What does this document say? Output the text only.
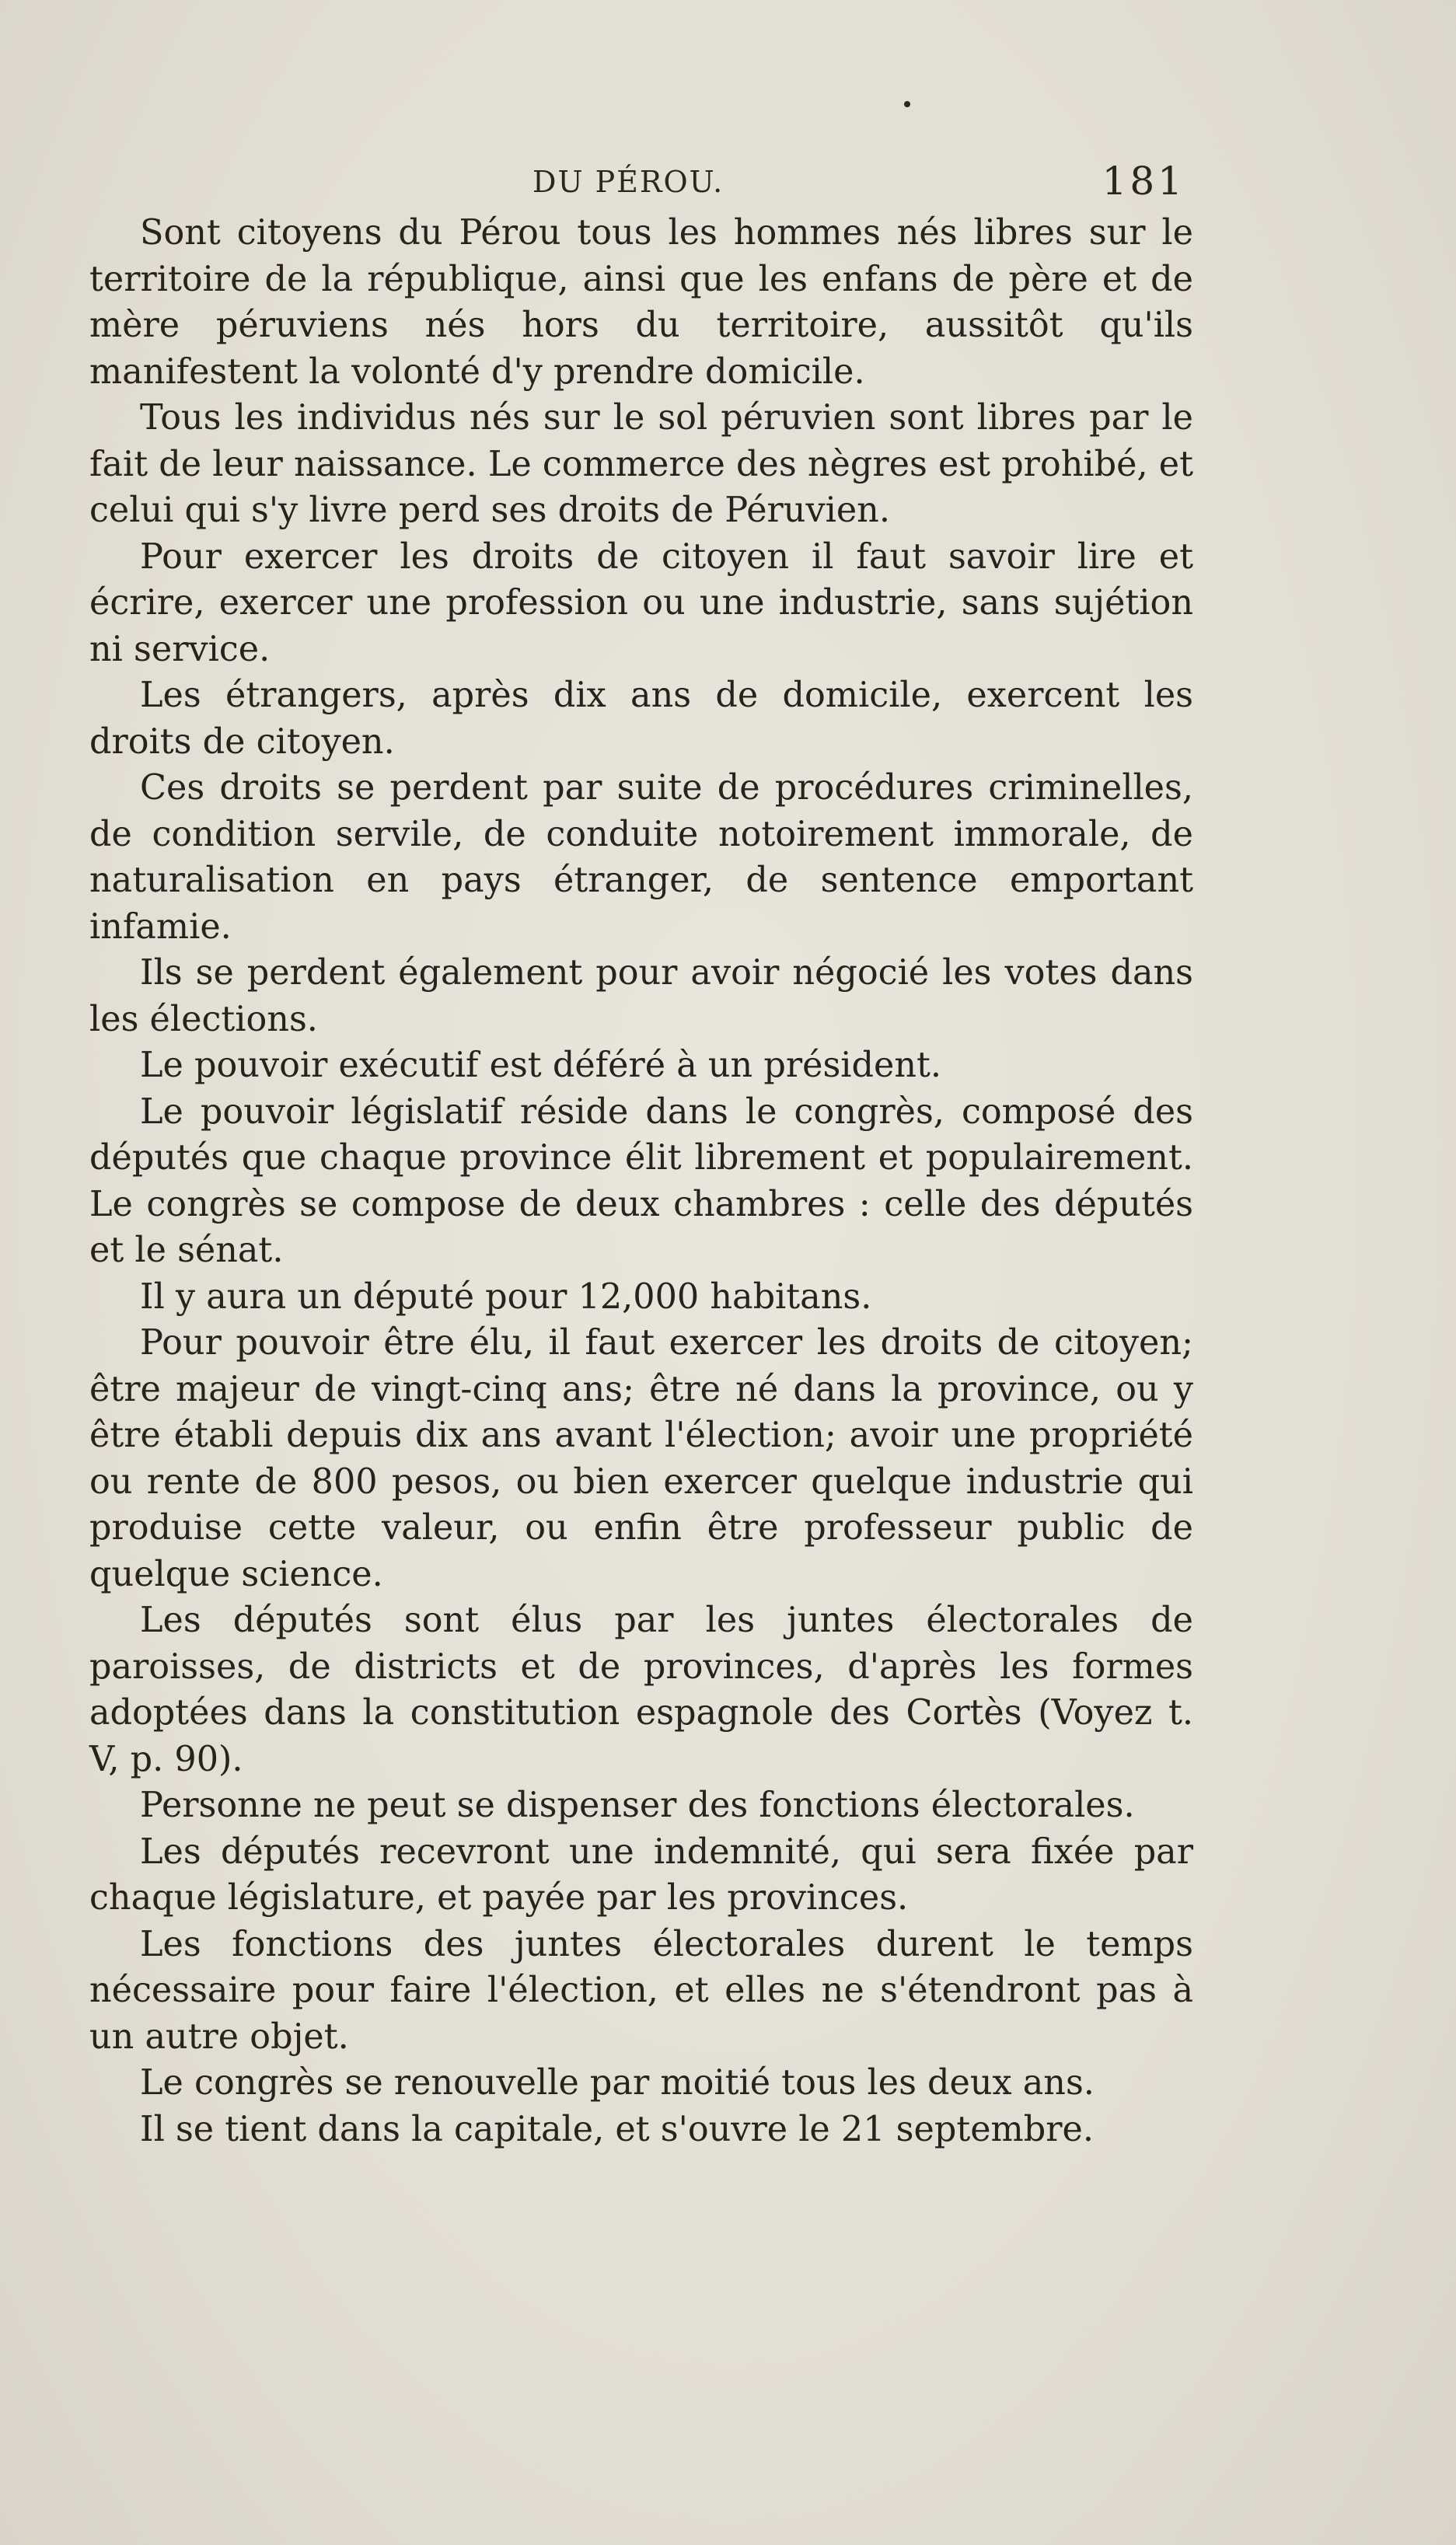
DU PÉROU.	181

Sont citoyens du Pérou tous les hommes nés libres sur le territoire de la république, ainsi que les enfans de père et de mère péruviens nés hors du territoire, aussitôt qu'ils manifestent la volonté d'y prendre domicile.

Tous les individus nés sur le sol péruvien sont libres par le fait de leur naissance. Le commerce des nègres est prohibé, et celui qui s'y livre perd ses droits de Péruvien.

Pour exercer les droits de citoyen il faut savoir lire et écrire, exercer une profession ou une industrie, sans sujétion ni service.

Les étrangers, après dix ans de domicile, exercent les droits de citoyen.

Ces droits se perdent par suite de procédures criminelles, de condition servile, de conduite notoirement immorale, de naturalisation en pays étranger, de sentence emportant infamie.

Ils se perdent également pour avoir négocié les votes dans les élections.

Le pouvoir exécutif est déféré à un président.

Le pouvoir législatif réside dans le congrès, composé des députés que chaque province élit librement et populairement. Le congrès se compose de deux chambres : celle des députés et le sénat.

Il y aura un député pour 12,000 habitans.

Pour pouvoir être élu, il faut exercer les droits de citoyen; être majeur de vingt-cinq ans; être né dans la province, ou y être établi depuis dix ans avant l'élection; avoir une propriété ou rente de 800 pesos, ou bien exercer quelque industrie qui produise cette valeur, ou enfin être professeur public de quelque science.

Les députés sont élus par les juntes électorales de paroisses, de districts et de provinces, d'après les formes adoptées dans la constitution espagnole des Cortès (Voyez t. V, p. 90).

Personne ne peut se dispenser des fonctions électorales.

Les députés recevront une indemnité, qui sera fixée par chaque législature, et payée par les provinces.

Les fonctions des juntes électorales durent le temps nécessaire pour faire l'élection, et elles ne s'étendront pas à un autre objet.

Le congrès se renouvelle par moitié tous les deux ans.

Il se tient dans la capitale, et s'ouvre le 21 septembre.
